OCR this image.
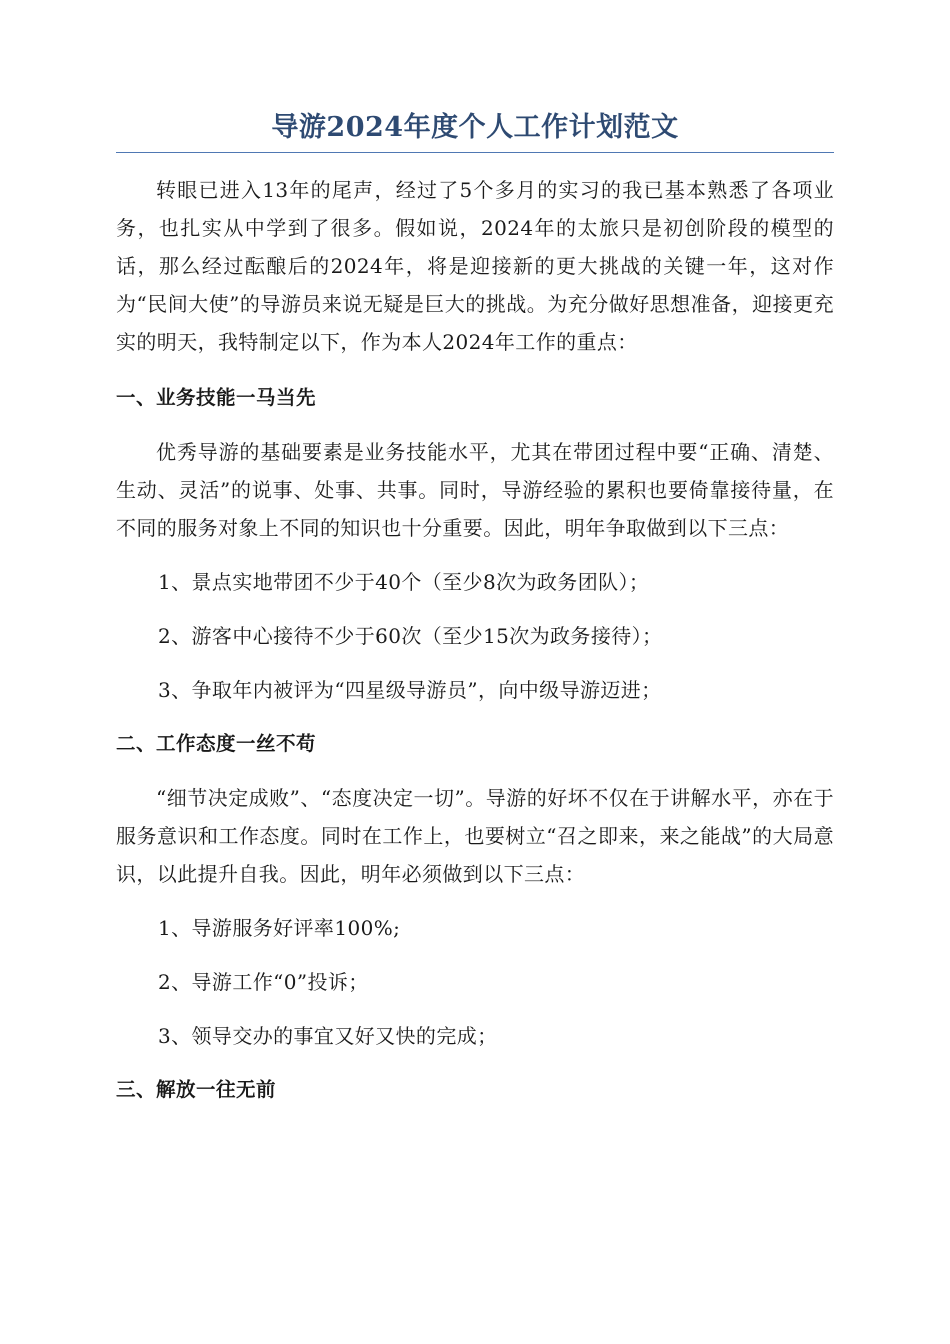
导游2024年度个人工作计划范文

转眼已进入13年的尾声，经过了5个多月的实习的我已基本熟悉了各项业务，也扎实从中学到了很多。假如说，2024年的太旅只是初创阶段的模型的话，那么经过酝酿后的2024年，将是迎接新的更大挑战的关键一年，这对作为“民间大使”的导游员来说无疑是巨大的挑战。为充分做好思想准备，迎接更充实的明天，我特制定以下，作为本人2024年工作的重点：

一、业务技能一马当先

优秀导游的基础要素是业务技能水平，尤其在带团过程中要“正确、清楚、生动、灵活”的说事、处事、共事。同时，导游经验的累积也要倚靠接待量，在不同的服务对象上不同的知识也十分重要。因此，明年争取做到以下三点：

1、景点实地带团不少于40个（至少8次为政务团队）；

2、游客中心接待不少于60次（至少15次为政务接待）；

3、争取年内被评为“四星级导游员”，向中级导游迈进；

二、工作态度一丝不苟

“细节决定成败”、“态度决定一切”。导游的好坏不仅在于讲解水平，亦在于服务意识和工作态度。同时在工作上，也要树立“召之即来，来之能战”的大局意识，以此提升自我。因此，明年必须做到以下三点：

1、导游服务好评率100%;

2、导游工作“0”投诉；

3、领导交办的事宜又好又快的完成；

三、解放一往无前
